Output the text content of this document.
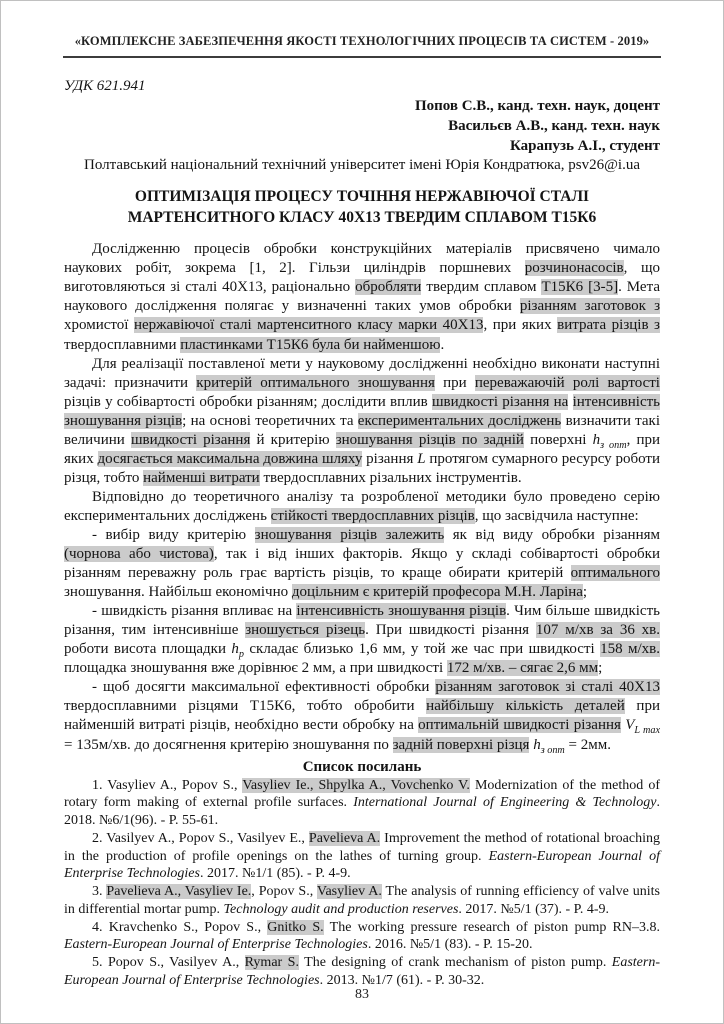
«КОМПЛЕКСНЕ ЗАБЕЗПЕЧЕННЯ ЯКОСТІ ТЕХНОЛОГІЧНИХ ПРОЦЕСІВ ТА СИСТЕМ - 2019»
УДК 621.941
Попов С.В., канд. техн. наук, доцент
Васильєв А.В., канд. техн. наук
Карапузь А.І., студент
Полтавський національний технічний університет імені Юрія Кондратюка, psv26@i.ua
ОПТИМІЗАЦІЯ ПРОЦЕСУ ТОЧІННЯ НЕРЖАВІЮЧОЇ СТАЛІ
МАРТЕНСИТНОГО КЛАСУ 40Х13 ТВЕРДИМ СПЛАВОМ Т15К6

Дослідженню процесів обробки конструкційних матеріалів присвячено чимало наукових робіт, зокрема [1, 2]. Гільзи циліндрів поршневих розчинонасосів, що виготовляються зі сталі 40Х13, раціонально обробляти твердим сплавом Т15К6 [3-5]. Мета наукового дослідження полягає у визначенні таких умов обробки різанням заготовок з хромистої нержавіючої сталі мартенситного класу марки 40Х13, при яких витрата різців з твердосплавними пластинками Т15К6 була би найменшою.

Для реалізації поставленої мети у науковому дослідженні необхідно виконати наступні задачі: призначити критерій оптимального зношування при переважаючій ролі вартості різців у собівартості обробки різанням; дослідити вплив швидкості різання на інтенсивність зношування різців; на основі теоретичних та експериментальних досліджень визначити такі величини швидкості різання й критерію зношування різців по задній поверхні $h_{з опт}$, при яких досягається максимальна довжина шляху різання L протягом сумарного ресурсу роботи різця, тобто найменші витрати твердосплавних різальних інструментів.

Відповідно до теоретичного аналізу та розробленої методики було проведено серію експериментальних досліджень стійкості твердосплавних різців, що засвідчила наступне:

- вибір виду критерію зношування різців залежить як від виду обробки різанням (чорнова або чистова), так і від інших факторів. Якщо у складі собівартості обробки різанням переважну роль грає вартість різців, то краще обирати критерій оптимального зношування. Найбільш економічно доцільним є критерій професора М.Н. Ларіна;

- швидкість різання впливає на інтенсивність зношування різців. Чим більше швидкість різання, тим інтенсивніше зношується різець. При швидкості різання 107 м/хв за 36 хв. роботи висота площадки $h_р$ складає близько 1,6 мм, у той же час при швидкості 158 м/хв. площадка зношування вже дорівнює 2 мм, а при швидкості 172 м/хв. – сягає 2,6 мм;

- щоб досягти максимальної ефективності обробки різанням заготовок зі сталі 40Х13 твердосплавними різцями Т15К6, тобто обробити найбільшу кількість деталей при найменшій витраті різців, необхідно вести обробку на оптимальній швидкості різання $V_{L max} = 135м/хв$. до досягнення критерію зношування по задній поверхні різця $h_{з опт} = 2мм$.

Список посилань

1. Vasyliev A., Popov S., Vasyliev Ie., Shpylka A., Vovchenko V. Modernization of the method of rotary form making of external profile surfaces. International Journal of Engineering & Technology. 2018. №6/1(96). - P. 55-61.

2. Vasilyev A., Popov S., Vasilyev E., Pavelieva A. Improvement the method of rotational broaching in the production of profile openings on the lathes of turning group. Eastern-European Journal of Enterprise Technologies. 2017. №1/1 (85). - P. 4-9.

3. Pavelieva A., Vasyliev Ie., Popov S., Vasyliev A. The analysis of running efficiency of valve units in differential mortar pump. Technology audit and production reserves. 2017. №5/1 (37). - P. 4-9.

4. Kravchenko S., Popov S., Gnitko S. The working pressure research of piston pump RN–3.8. Eastern-European Journal of Enterprise Technologies. 2016. №5/1 (83). - P. 15-20.

5. Popov S., Vasilyev A., Rymar S. The designing of crank mechanism of piston pump. Eastern-European Journal of Enterprise Technologies. 2013. №1/7 (61). - P. 30-32.

83
